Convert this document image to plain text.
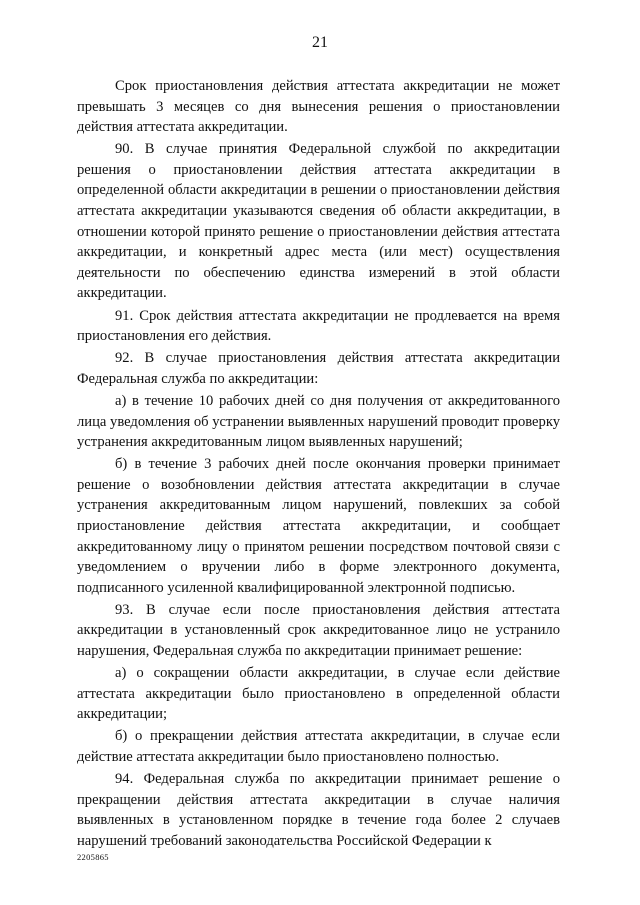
21

Срок приостановления действия аттестата аккредитации не может превышать 3 месяцев со дня вынесения решения о приостановлении действия аттестата аккредитации.

90. В случае принятия Федеральной службой по аккредитации решения о приостановлении действия аттестата аккредитации в определенной области аккредитации в решении о приостановлении действия аттестата аккредитации указываются сведения об области аккредитации, в отношении которой принято решение о приостановлении действия аттестата аккредитации, и конкретный адрес места (или мест) осуществления деятельности по обеспечению единства измерений в этой области аккредитации.

91. Срок действия аттестата аккредитации не продлевается на время приостановления его действия.

92. В случае приостановления действия аттестата аккредитации Федеральная служба по аккредитации:

а) в течение 10 рабочих дней со дня получения от аккредитованного лица уведомления об устранении выявленных нарушений проводит проверку устранения аккредитованным лицом выявленных нарушений;

б) в течение 3 рабочих дней после окончания проверки принимает решение о возобновлении действия аттестата аккредитации в случае устранения аккредитованным лицом нарушений, повлекших за собой приостановление действия аттестата аккредитации, и сообщает аккредитованному лицу о принятом решении посредством почтовой связи с уведомлением о вручении либо в форме электронного документа, подписанного усиленной квалифицированной электронной подписью.

93. В случае если после приостановления действия аттестата аккредитации в установленный срок аккредитованное лицо не устранило нарушения, Федеральная служба по аккредитации принимает решение:

а) о сокращении области аккредитации, в случае если действие аттестата аккредитации было приостановлено в определенной области аккредитации;

б) о прекращении действия аттестата аккредитации, в случае если действие аттестата аккредитации было приостановлено полностью.

94. Федеральная служба по аккредитации принимает решение о прекращении действия аттестата аккредитации в случае наличия выявленных в установленном порядке в течение года более 2 случаев нарушений требований законодательства Российской Федерации к

2205865
